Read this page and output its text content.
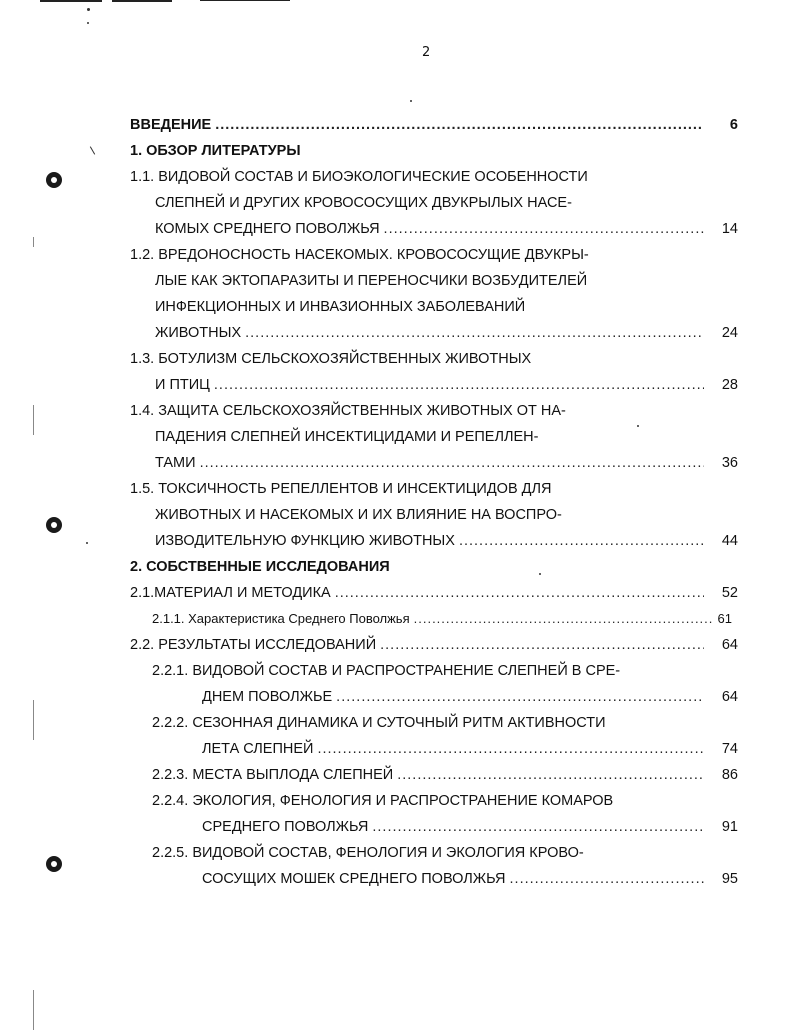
2
ВВЕДЕНИЕ .....	6
1. ОБЗОР ЛИТЕРАТУРЫ
1.1. ВИДОВОЙ СОСТАВ И БИОЭКОЛОГИЧЕСКИЕ ОСОБЕННОСТИ
СЛЕПНЕЙ И ДРУГИХ КРОВОСОСУЩИХ ДВУКРЫЛЫХ НАСЕ-
КОМЫХ СРЕДНЕГО ПОВОЛЖЬЯ .....	14
1.2. ВРЕДОНОСНОСТЬ НАСЕКОМЫХ. КРОВОСОСУЩИЕ ДВУКРЫ-
ЛЫЕ КАК ЭКТОПАРАЗИТЫ И ПЕРЕНОСЧИКИ ВОЗБУДИТЕЛЕЙ
ИНФЕКЦИОННЫХ И ИНВАЗИОННЫХ ЗАБОЛЕВАНИЙ
ЖИВОТНЫХ .....	24
1.3. БОТУЛИЗМ СЕЛЬСКОХОЗЯЙСТВЕННЫХ ЖИВОТНЫХ
И ПТИЦ .....	28
1.4. ЗАЩИТА СЕЛЬСКОХОЗЯЙСТВЕННЫХ ЖИВОТНЫХ ОТ НА-
ПАДЕНИЯ СЛЕПНЕЙ ИНСЕКТИЦИДАМИ И РЕПЕЛЛЕН-
ТАМИ .....	36
1.5. ТОКСИЧНОСТЬ РЕПЕЛЛЕНТОВ И ИНСЕКТИЦИДОВ ДЛЯ
ЖИВОТНЫХ И НАСЕКОМЫХ И ИХ ВЛИЯНИЕ НА ВОСПРО-
ИЗВОДИТЕЛЬНУЮ ФУНКЦИЮ ЖИВОТНЫХ .....	44
2. СОБСТВЕННЫЕ ИССЛЕДОВАНИЯ
2.1.МАТЕРИАЛ И МЕТОДИКА .....	52
2.1.1. Характеристика Среднего Поволжья .....	61
2.2. РЕЗУЛЬТАТЫ ИССЛЕДОВАНИЙ .....	64
2.2.1. ВИДОВОЙ СОСТАВ И РАСПРОСТРАНЕНИЕ СЛЕПНЕЙ В СРЕ-
ДНЕМ ПОВОЛЖЬЕ .....	64
2.2.2. СЕЗОННАЯ ДИНАМИКА И СУТОЧНЫЙ РИТМ АКТИВНОСТИ
ЛЕТА СЛЕПНЕЙ .....	74
2.2.3. МЕСТА ВЫПЛОДА СЛЕПНЕЙ .....	86
2.2.4. ЭКОЛОГИЯ, ФЕНОЛОГИЯ И РАСПРОСТРАНЕНИЕ КОМАРОВ
СРЕДНЕГО ПОВОЛЖЬЯ .....	91
2.2.5. ВИДОВОЙ СОСТАВ, ФЕНОЛОГИЯ И ЭКОЛОГИЯ КРОВО-
СОСУЩИХ МОШЕК СРЕДНЕГО ПОВОЛЖЬЯ .....	95
